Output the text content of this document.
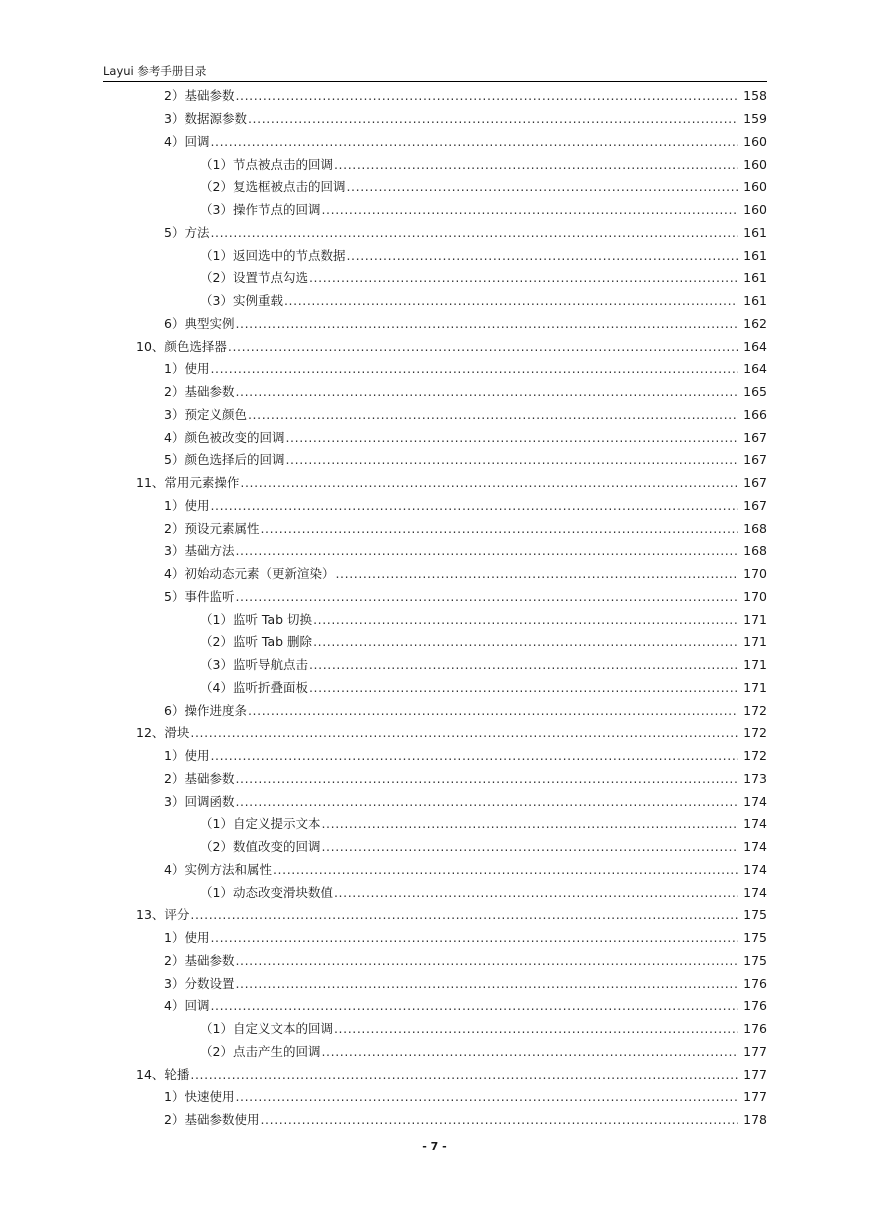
Layui 参考手册目录
2）基础参数 .....	158
3）数据源参数 .....	159
4）回调 .....	160
（1）节点被点击的回调 .....	160
（2）复选框被点击的回调 .....	160
（3）操作节点的回调 .....	160
5）方法 .....	161
（1）返回选中的节点数据 .....	161
（2）设置节点勾选 .....	161
（3）实例重载 .....	161
6）典型实例 .....	162
10、颜色选择器 .....	164
1）使用 .....	164
2）基础参数 .....	165
3）预定义颜色 .....	166
4）颜色被改变的回调 .....	167
5）颜色选择后的回调 .....	167
11、常用元素操作 .....	167
1）使用 .....	167
2）预设元素属性 .....	168
3）基础方法 .....	168
4）初始动态元素（更新渲染） .....	170
5）事件监听 .....	170
（1）监听 Tab 切换 .....	171
（2）监听 Tab 删除 .....	171
（3）监听导航点击 .....	171
（4）监听折叠面板 .....	171
6）操作进度条 .....	172
12、滑块 .....	172
1）使用 .....	172
2）基础参数 .....	173
3）回调函数 .....	174
（1）自定义提示文本 .....	174
（2）数值改变的回调 .....	174
4）实例方法和属性 .....	174
（1）动态改变滑块数值 .....	174
13、评分 .....	175
1）使用 .....	175
2）基础参数 .....	175
3）分数设置 .....	176
4）回调 .....	176
（1）自定义文本的回调 .....	176
（2）点击产生的回调 .....	177
14、轮播 .....	177
1）快速使用 .....	177
2）基础参数使用 .....	178
- 7 -
